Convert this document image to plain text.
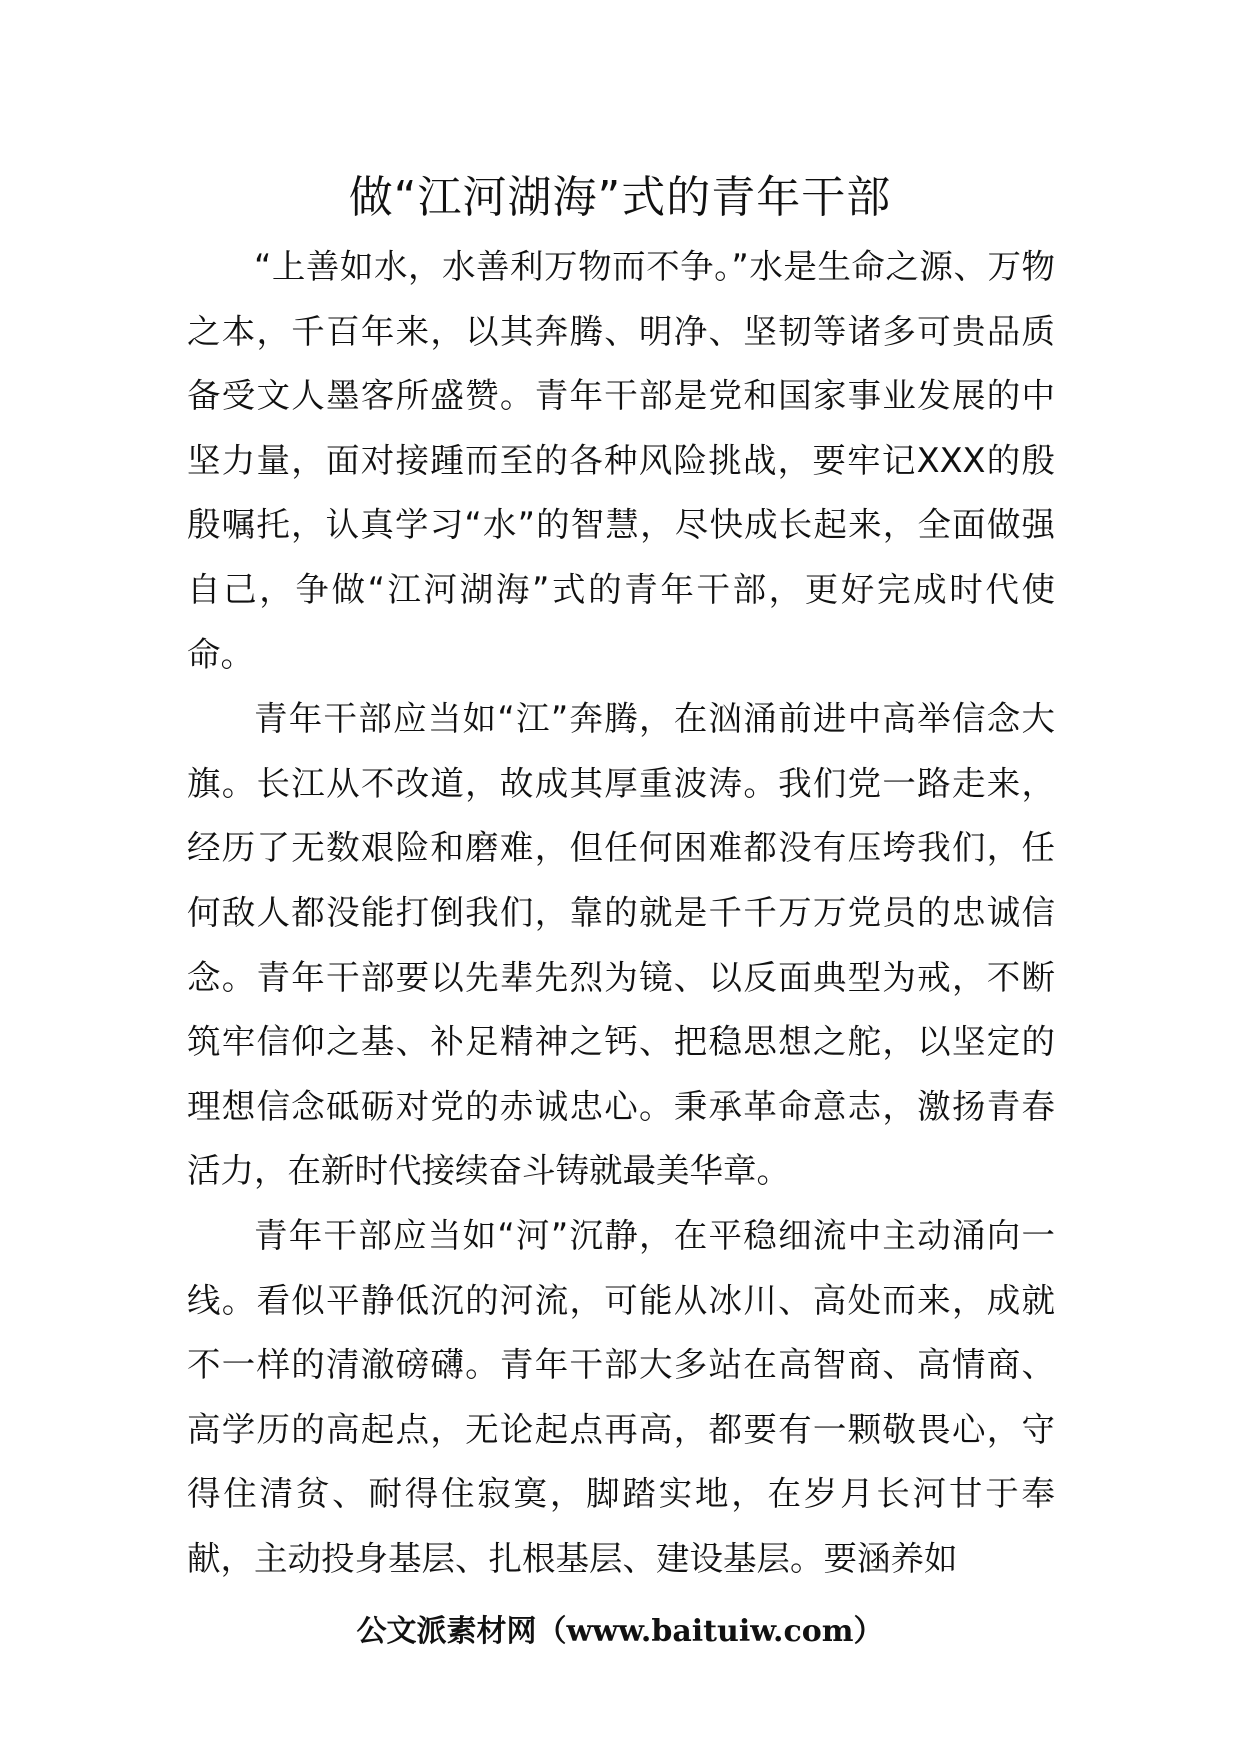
做“江河湖海”式的青年干部

“上善如水，水善利万物而不争。”水是生命之源、万物之本，千百年来，以其奔腾、明净、坚韧等诸多可贵品质备受文人墨客所盛赞。青年干部是党和国家事业发展的中坚力量，面对接踵而至的各种风险挑战，要牢记XXX的殷殷嘱托，认真学习“水”的智慧，尽快成长起来，全面做强自己，争做“江河湖海”式的青年干部，更好完成时代使命。

青年干部应当如“江”奔腾，在汹涌前进中高举信念大旗。长江从不改道，故成其厚重波涛。我们党一路走来，经历了无数艰险和磨难，但任何困难都没有压垮我们，任何敌人都没能打倒我们，靠的就是千千万万党员的忠诚信念。青年干部要以先辈先烈为镜、以反面典型为戒，不断筑牢信仰之基、补足精神之钙、把稳思想之舵，以坚定的理想信念砥砺对党的赤诚忠心。秉承革命意志，激扬青春活力，在新时代接续奋斗铸就最美华章。

青年干部应当如“河”沉静，在平稳细流中主动涌向一线。看似平静低沉的河流，可能从冰川、高处而来，成就不一样的清澈磅礴。青年干部大多站在高智商、高情商、高学历的高起点，无论起点再高，都要有一颗敬畏心，守得住清贫、耐得住寂寞，脚踏实地，在岁月长河甘于奉献，主动投身基层、扎根基层、建设基层。要涵养如

公文派素材网（www.baituiw.com）
